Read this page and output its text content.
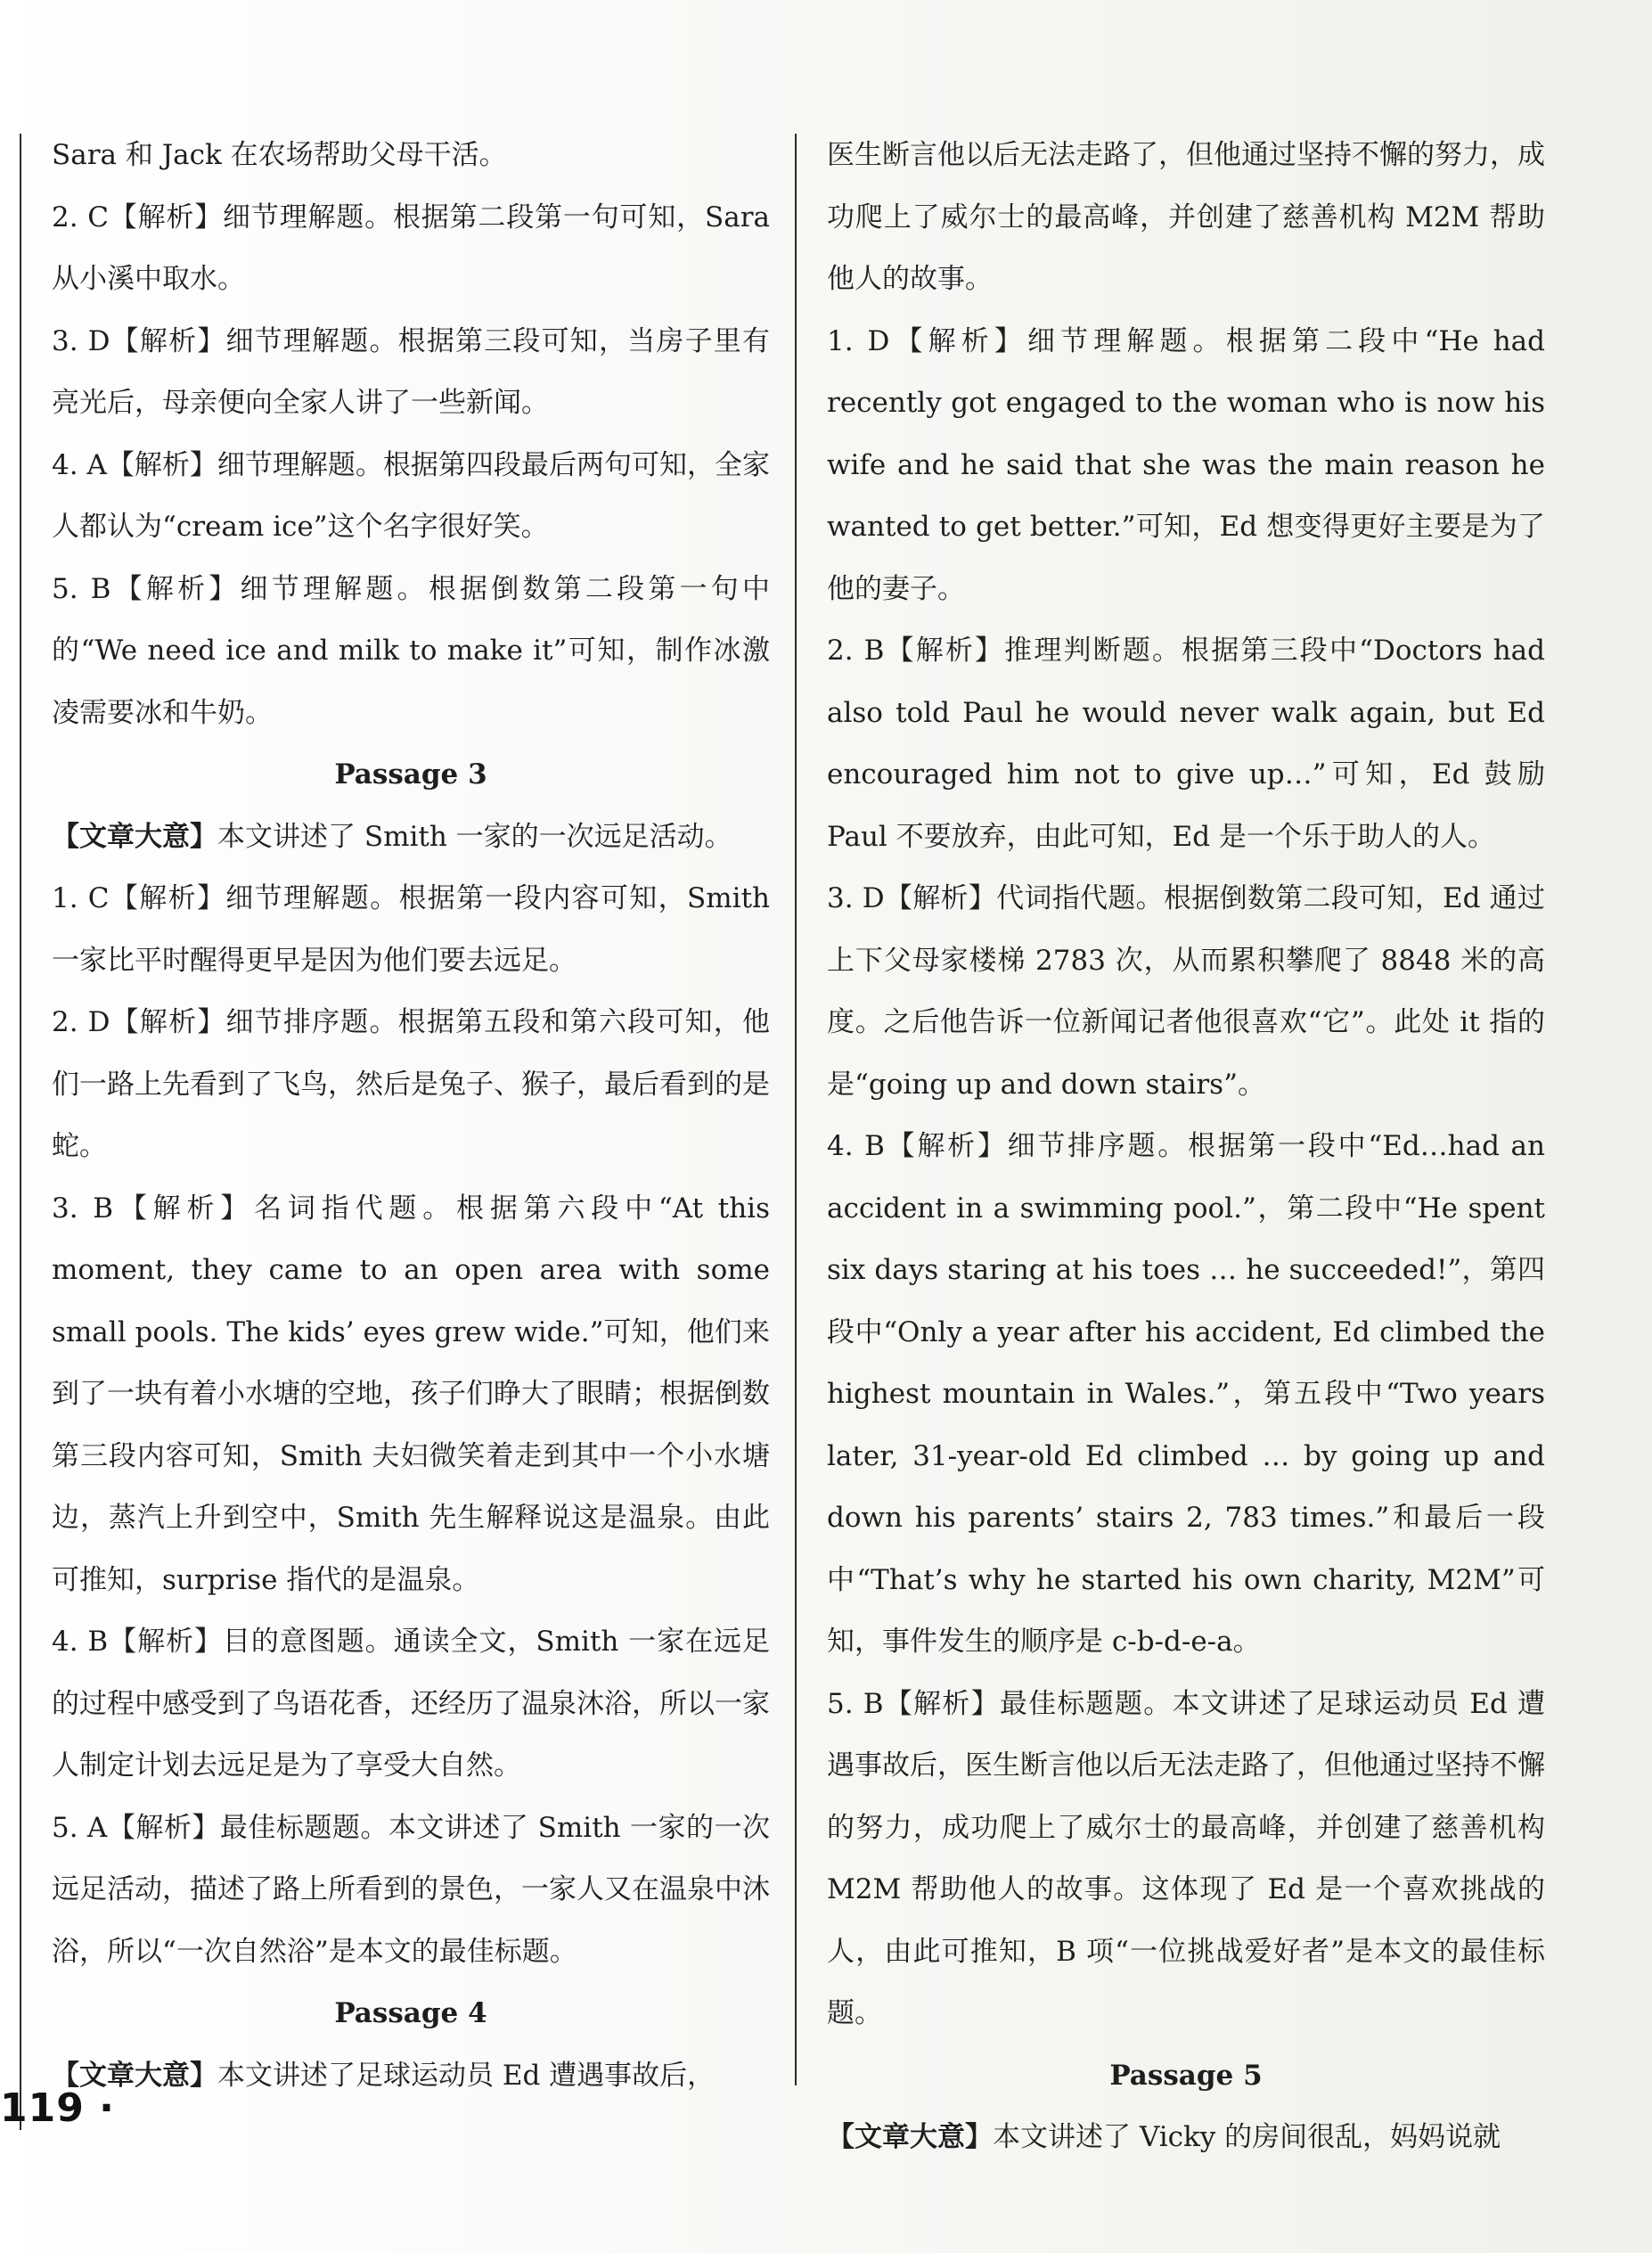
Sara 和 Jack 在农场帮助父母干活。

2. C【解析】细节理解题。根据第二段第一句可知，Sara 从小溪中取水。

3. D【解析】细节理解题。根据第三段可知，当房子里有亮光后，母亲便向全家人讲了一些新闻。

4. A【解析】细节理解题。根据第四段最后两句可知，全家人都认为“cream ice”这个名字很好笑。

5. B【解析】细节理解题。根据倒数第二段第一句中的“We need ice and milk to make it”可知，制作冰激凌需要冰和牛奶。

Passage 3

【文章大意】本文讲述了 Smith 一家的一次远足活动。

1. C【解析】细节理解题。根据第一段内容可知，Smith 一家比平时醒得更早是因为他们要去远足。

2. D【解析】细节排序题。根据第五段和第六段可知，他们一路上先看到了飞鸟，然后是兔子、猴子，最后看到的是蛇。

3. B【解析】名词指代题。根据第六段中“At this moment, they came to an open area with some small pools. The kids’ eyes grew wide.”可知，他们来到了一块有着小水塘的空地，孩子们睁大了眼睛；根据倒数第三段内容可知，Smith 夫妇微笑着走到其中一个小水塘边，蒸汽上升到空中，Smith 先生解释说这是温泉。由此可推知，surprise 指代的是温泉。

4. B【解析】目的意图题。通读全文，Smith 一家在远足的过程中感受到了鸟语花香，还经历了温泉沐浴，所以一家人制定计划去远足是为了享受大自然。

5. A【解析】最佳标题题。本文讲述了 Smith 一家的一次远足活动，描述了路上所看到的景色，一家人又在温泉中沐浴，所以“一次自然浴”是本文的最佳标题。

Passage 4

【文章大意】本文讲述了足球运动员 Ed 遭遇事故后，

医生断言他以后无法走路了，但他通过坚持不懈的努力，成功爬上了威尔士的最高峰，并创建了慈善机构 M2M 帮助他人的故事。

1. D【解析】细节理解题。根据第二段中“He had recently got engaged to the woman who is now his wife and he said that she was the main reason he wanted to get better.”可知，Ed 想变得更好主要是为了他的妻子。

2. B【解析】推理判断题。根据第三段中“Doctors had also told Paul he would never walk again, but Ed encouraged him not to give up…”可知，Ed 鼓励 Paul 不要放弃，由此可知，Ed 是一个乐于助人的人。

3. D【解析】代词指代题。根据倒数第二段可知，Ed 通过上下父母家楼梯 2783 次，从而累积攀爬了 8848 米的高度。之后他告诉一位新闻记者他很喜欢“它”。此处 it 指的是“going up and down stairs”。

4. B【解析】细节排序题。根据第一段中“Ed…had an accident in a swimming pool.”，第二段中“He spent six days staring at his toes … he succeeded!”，第四段中“Only a year after his accident, Ed climbed the highest mountain in Wales.”，第五段中“Two years later, 31-year-old Ed climbed … by going up and down his parents’ stairs 2, 783 times.”和最后一段中“That’s why he started his own charity, M2M”可知，事件发生的顺序是 c-b-d-e-a。

5. B【解析】最佳标题题。本文讲述了足球运动员 Ed 遭遇事故后，医生断言他以后无法走路了，但他通过坚持不懈的努力，成功爬上了威尔士的最高峰，并创建了慈善机构 M2M 帮助他人的故事。这体现了 Ed 是一个喜欢挑战的人，由此可推知，B 项“一位挑战爱好者”是本文的最佳标题。

Passage 5

【文章大意】本文讲述了 Vicky 的房间很乱，妈妈说就

119 ·
